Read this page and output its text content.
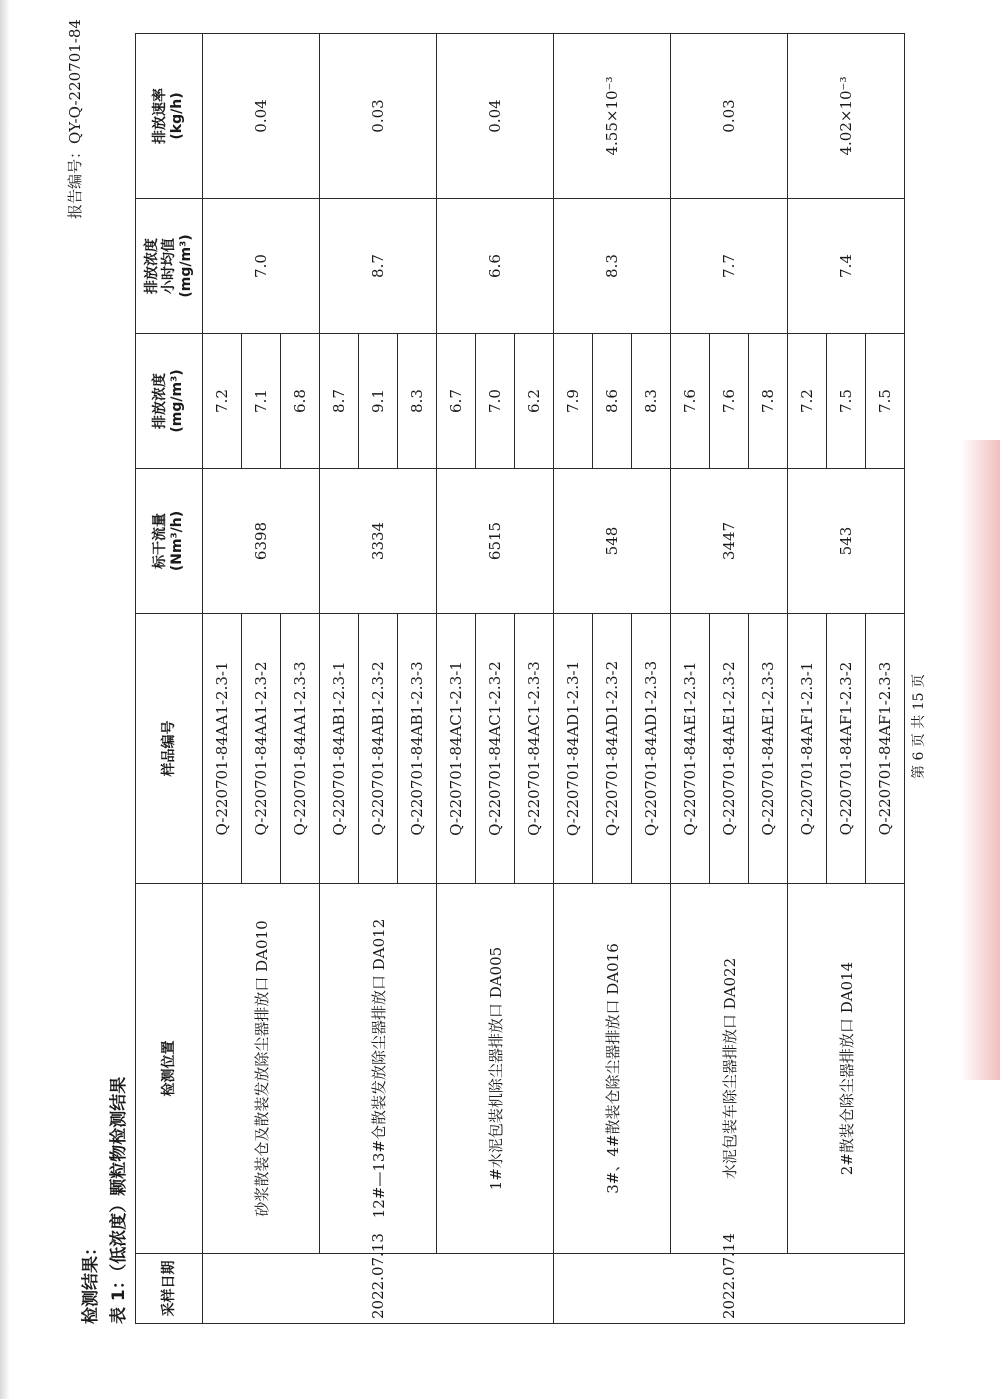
报告编号：QY-Q-220701-84
检测结果： 表 1：（低浓度）颗粒物检测结果 采样日期	检测位置	样品编号	标干流量
(Nm³/h)	排放浓度
(mg/m³)	排放浓度
小时均值
(mg/m³)	排放速率
(kg/h)
2022.07.13	砂浆散装仓及散装发放除尘器排放口 DA010	Q-220701-84AA1-2.3-1	6398	7.2	7.0	0.04
		Q-220701-84AA1-2.3-2		7.1		
		Q-220701-84AA1-2.3-3		6.8		
	12#—13#仓散装发放除尘器排放口 DA012	Q-220701-84AB1-2.3-1	3334	8.7	8.7	0.03
		Q-220701-84AB1-2.3-2		9.1		
		Q-220701-84AB1-2.3-3		8.3		
	1#水泥包装机除尘器排放口 DA005	Q-220701-84AC1-2.3-1	6515	6.7	6.6	0.04
		Q-220701-84AC1-2.3-2		7.0		
		Q-220701-84AC1-2.3-3		6.2		
2022.07.14	3#、4#散装仓除尘器排放口 DA016	Q-220701-84AD1-2.3-1	548	7.9	8.3	4.55×10⁻³
		Q-220701-84AD1-2.3-2		8.6		
		Q-220701-84AD1-2.3-3		8.3		
	水泥包装车除尘器排放口 DA022	Q-220701-84AE1-2.3-1	3447	7.6	7.7	0.03
		Q-220701-84AE1-2.3-2		7.6		
		Q-220701-84AE1-2.3-3		7.8		
	2#散装仓除尘器排放口 DA014	Q-220701-84AF1-2.3-1	543	7.2	7.4	4.02×10⁻³
		Q-220701-84AF1-2.3-2		7.5		
		Q-220701-84AF1-2.3-3		7.5		
第 6 页 共 15 页
